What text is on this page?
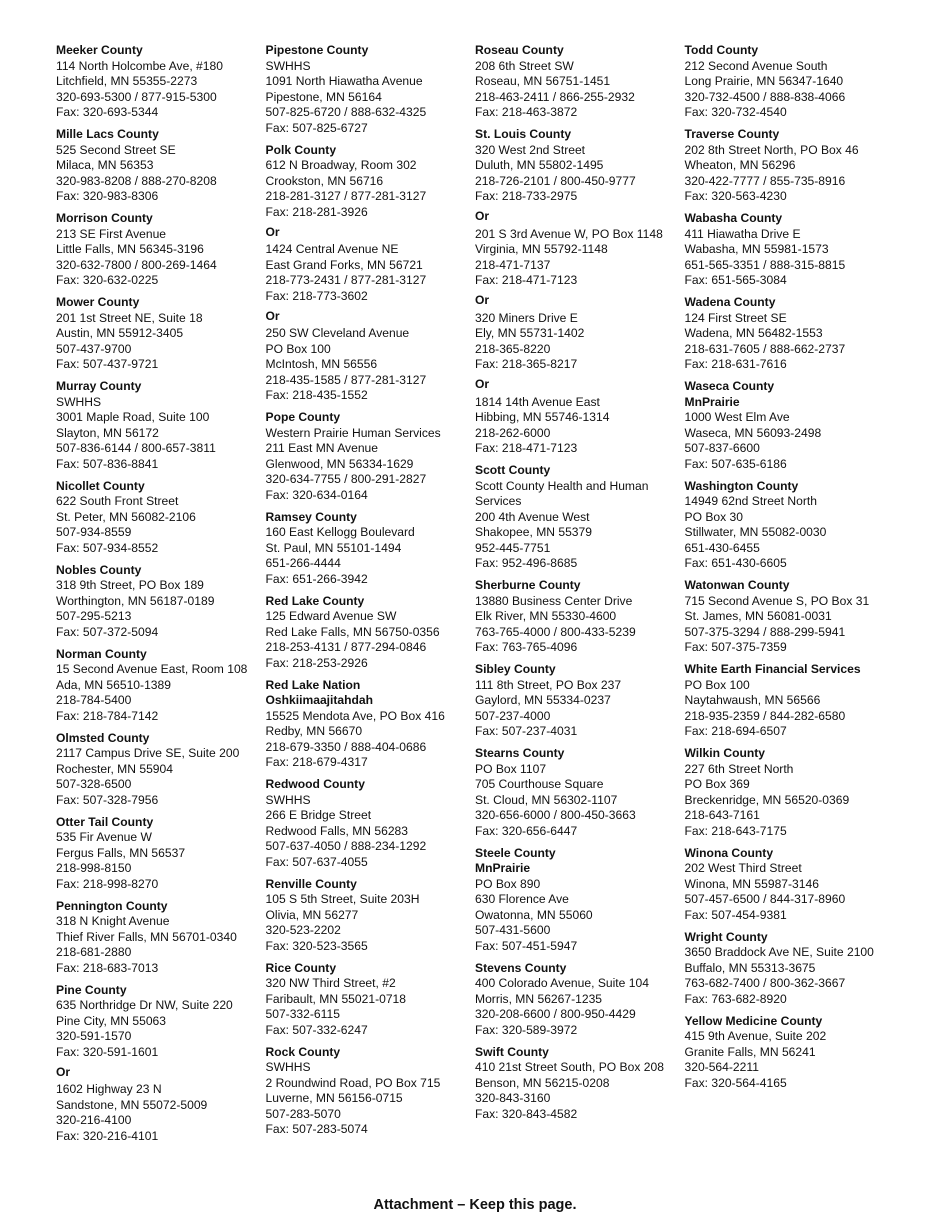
Meeker County
114 North Holcombe Ave, #180
Litchfield, MN 55355-2273
320-693-5300 / 877-915-5300
Fax: 320-693-5344
Mille Lacs County
525 Second Street SE
Milaca, MN 56353
320-983-8208 / 888-270-8208
Fax: 320-983-8306
Morrison County
213 SE First Avenue
Little Falls, MN 56345-3196
320-632-7800 / 800-269-1464
Fax: 320-632-0225
Mower County
201 1st Street NE, Suite 18
Austin, MN 55912-3405
507-437-9700
Fax: 507-437-9721
Murray County
SWHHS
3001 Maple Road, Suite 100
Slayton, MN 56172
507-836-6144 / 800-657-3811
Fax: 507-836-8841
Nicollet County
622 South Front Street
St. Peter, MN 56082-2106
507-934-8559
Fax: 507-934-8552
Nobles County
318 9th Street, PO Box 189
Worthington, MN 56187-0189
507-295-5213
Fax: 507-372-5094
Norman County
15 Second Avenue East, Room 108
Ada, MN 56510-1389
218-784-5400
Fax: 218-784-7142
Olmsted County
2117 Campus Drive SE, Suite 200
Rochester, MN 55904
507-328-6500
Fax: 507-328-7956
Otter Tail County
535 Fir Avenue W
Fergus Falls, MN 56537
218-998-8150
Fax: 218-998-8270
Pennington County
318 N Knight Avenue
Thief River Falls, MN 56701-0340
218-681-2880
Fax: 218-683-7013
Pine County
635 Northridge Dr NW, Suite 220
Pine City, MN 55063
320-591-1570
Fax: 320-591-1601
Or
1602 Highway 23 N
Sandstone, MN 55072-5009
320-216-4100
Fax: 320-216-4101
Pipestone County
SWHHS
1091 North Hiawatha Avenue
Pipestone, MN 56164
507-825-6720 / 888-632-4325
Fax: 507-825-6727
Polk County
612 N Broadway, Room 302
Crookston, MN 56716
218-281-3127 / 877-281-3127
Fax: 218-281-3926
Or
1424 Central Avenue NE
East Grand Forks, MN 56721
218-773-2431 / 877-281-3127
Fax: 218-773-3602
Or
250 SW Cleveland Avenue
PO Box 100
McIntosh, MN 56556
218-435-1585 / 877-281-3127
Fax: 218-435-1552
Pope County
Western Prairie Human Services
211 East MN Avenue
Glenwood, MN 56334-1629
320-634-7755 / 800-291-2827
Fax: 320-634-0164
Ramsey County
160 East Kellogg Boulevard
St. Paul, MN 55101-1494
651-266-4444
Fax: 651-266-3942
Red Lake County
125 Edward Avenue SW
Red Lake Falls, MN 56750-0356
218-253-4131 / 877-294-0846
Fax: 218-253-2926
Red Lake Nation
Oshkiimaajitahdah
15525 Mendota Ave, PO Box 416
Redby, MN 56670
218-679-3350 / 888-404-0686
Fax: 218-679-4317
Redwood County
SWHHS
266 E Bridge Street
Redwood Falls, MN 56283
507-637-4050 / 888-234-1292
Fax: 507-637-4055
Renville County
105 S 5th Street, Suite 203H
Olivia, MN 56277
320-523-2202
Fax: 320-523-3565
Rice County
320 NW Third Street, #2
Faribault, MN 55021-0718
507-332-6115
Fax: 507-332-6247
Rock County
SWHHS
2 Roundwind Road, PO Box 715
Luverne, MN 56156-0715
507-283-5070
Fax: 507-283-5074
Roseau County
208 6th Street SW
Roseau, MN 56751-1451
218-463-2411 / 866-255-2932
Fax: 218-463-3872
St. Louis County
320 West 2nd Street
Duluth, MN 55802-1495
218-726-2101 / 800-450-9777
Fax: 218-733-2975
Or
201 S 3rd Avenue W, PO Box 1148
Virginia, MN 55792-1148
218-471-7137
Fax: 218-471-7123
Or
320 Miners Drive E
Ely, MN 55731-1402
218-365-8220
Fax: 218-365-8217
Or
1814 14th Avenue East
Hibbing, MN 55746-1314
218-262-6000
Fax: 218-471-7123
Scott County
Scott County Health and Human
Services
200 4th Avenue West
Shakopee, MN 55379
952-445-7751
Fax: 952-496-8685
Sherburne County
13880 Business Center Drive
Elk River, MN 55330-4600
763-765-4000 / 800-433-5239
Fax: 763-765-4096
Sibley County
111 8th Street, PO Box 237
Gaylord, MN 55334-0237
507-237-4000
Fax: 507-237-4031
Stearns County
PO Box 1107
705 Courthouse Square
St. Cloud, MN 56302-1107
320-656-6000 / 800-450-3663
Fax: 320-656-6447
Steele County
MnPrairie
PO Box 890
630 Florence Ave
Owatonna, MN 55060
507-431-5600
Fax: 507-451-5947
Stevens County
400 Colorado Avenue, Suite 104
Morris, MN 56267-1235
320-208-6600 / 800-950-4429
Fax: 320-589-3972
Swift County
410 21st Street South, PO Box 208
Benson, MN 56215-0208
320-843-3160
Fax: 320-843-4582
Todd County
212 Second Avenue South
Long Prairie, MN 56347-1640
320-732-4500 / 888-838-4066
Fax: 320-732-4540
Traverse County
202 8th Street North, PO Box 46
Wheaton, MN 56296
320-422-7777 / 855-735-8916
Fax: 320-563-4230
Wabasha County
411 Hiawatha Drive E
Wabasha, MN 55981-1573
651-565-3351 / 888-315-8815
Fax: 651-565-3084
Wadena County
124 First Street SE
Wadena, MN 56482-1553
218-631-7605 / 888-662-2737
Fax: 218-631-7616
Waseca County
MnPrairie
1000 West Elm Ave
Waseca, MN 56093-2498
507-837-6600
Fax: 507-635-6186
Washington County
14949 62nd Street North
PO Box 30
Stillwater, MN 55082-0030
651-430-6455
Fax: 651-430-6605
Watonwan County
715 Second Avenue S, PO Box 31
St. James, MN 56081-0031
507-375-3294 / 888-299-5941
Fax: 507-375-7359
White Earth Financial Services
PO Box 100
Naytahwaush, MN 56566
218-935-2359 / 844-282-6580
Fax: 218-694-6507
Wilkin County
227 6th Street North
PO Box 369
Breckenridge, MN 56520-0369
218-643-7161
Fax: 218-643-7175
Winona County
202 West Third Street
Winona, MN 55987-3146
507-457-6500 / 844-317-8960
Fax: 507-454-9381
Wright County
3650 Braddock Ave NE, Suite 2100
Buffalo, MN 55313-3675
763-682-7400 / 800-362-3667
Fax: 763-682-8920
Yellow Medicine County
415 9th Avenue, Suite 202
Granite Falls, MN 56241
320-564-2211
Fax: 320-564-4165
Attachment – Keep this page.
